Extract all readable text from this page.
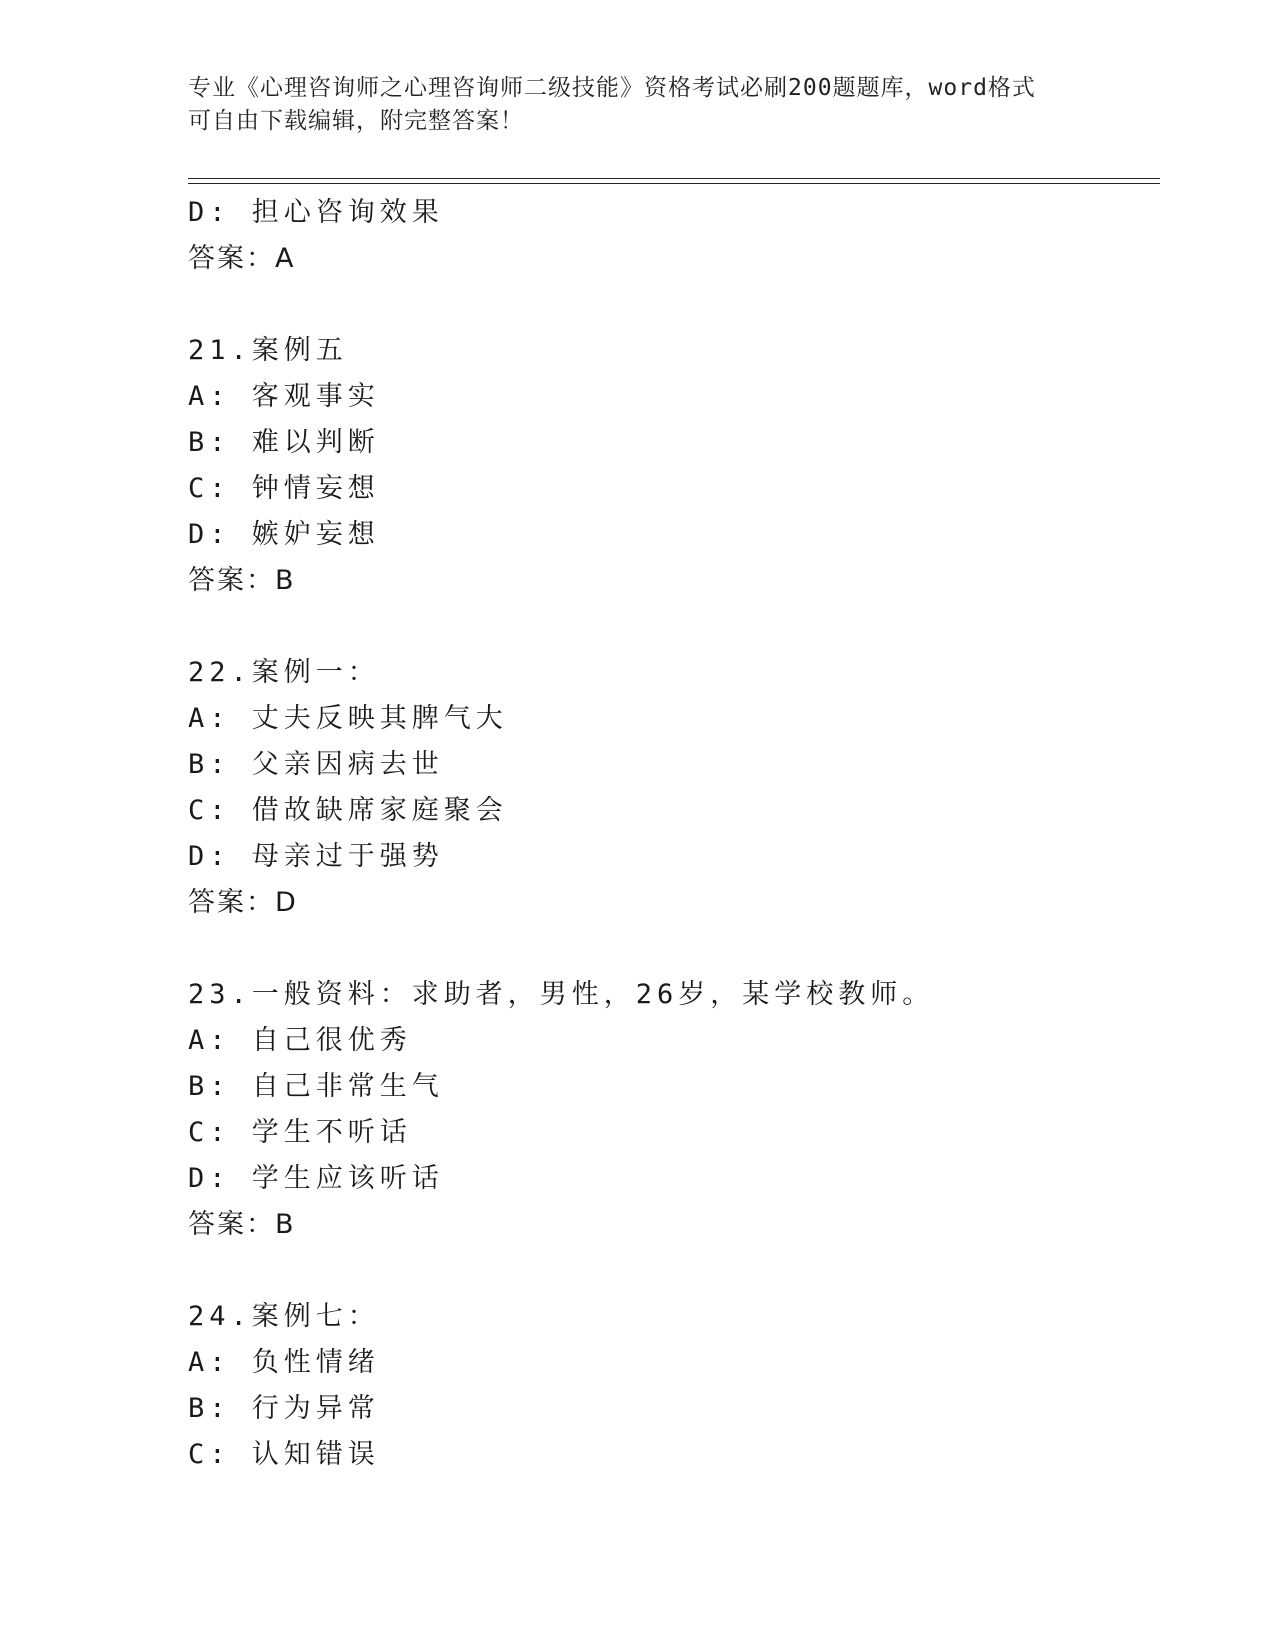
专业《心理咨询师之心理咨询师二级技能》资格考试必刷200题题库，word格式
可自由下载编辑，附完整答案！
D: 担心咨询效果
答案：A
21.案例五
A: 客观事实
B: 难以判断
C: 钟情妄想
D: 嫉妒妄想
答案：B
22.案例一：
A: 丈夫反映其脾气大
B: 父亲因病去世
C: 借故缺席家庭聚会
D: 母亲过于强势
答案：D
23.一般资料：求助者，男性，26岁，某学校教师。
A: 自己很优秀
B: 自己非常生气
C: 学生不听话
D: 学生应该听话
答案：B
24.案例七：
A: 负性情绪
B: 行为异常
C: 认知错误
